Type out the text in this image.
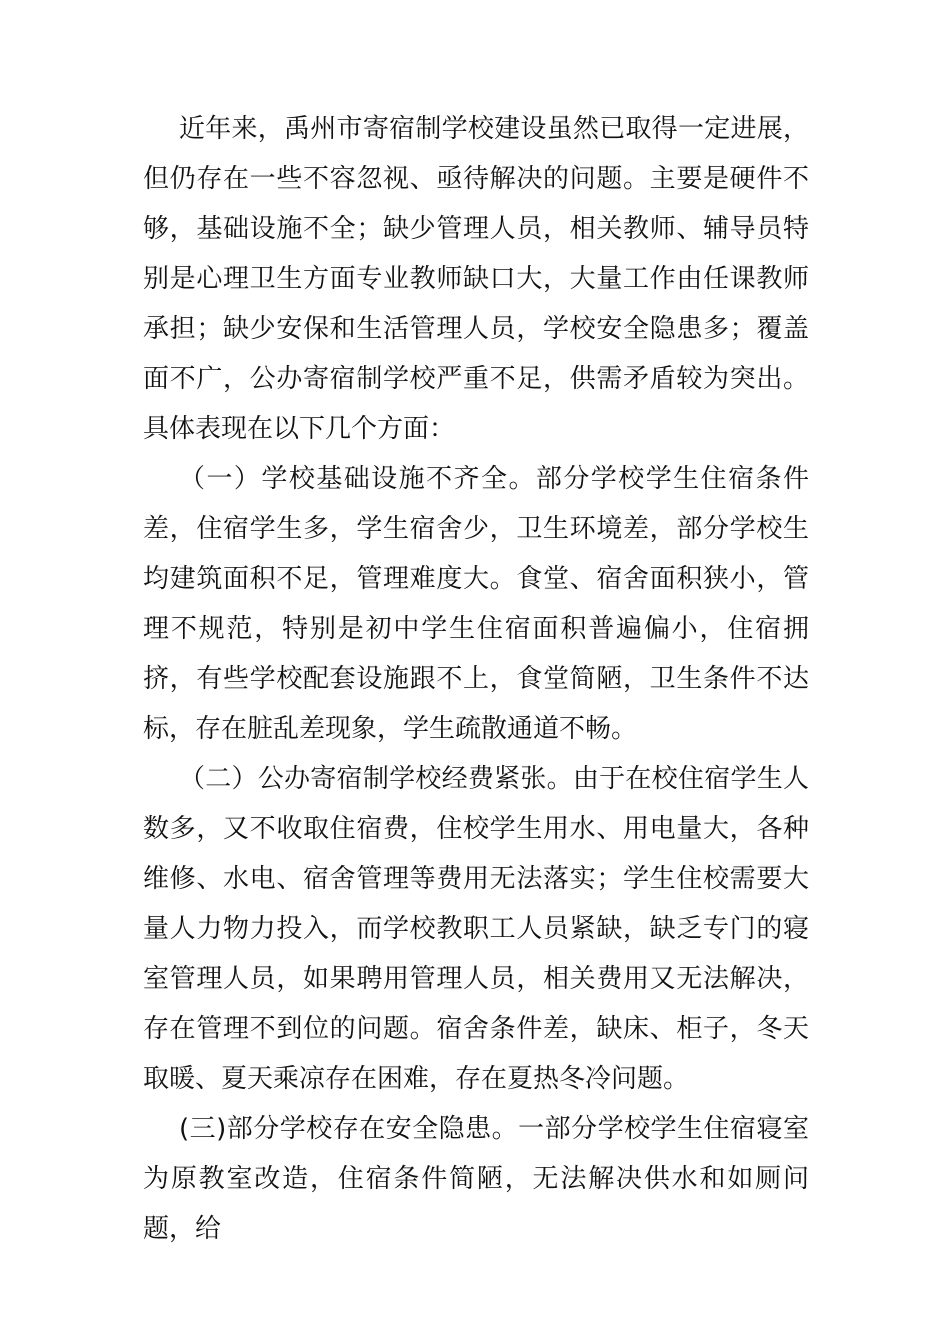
近年来，禹州市寄宿制学校建设虽然已取得一定进展，但仍存在一些不容忽视、亟待解决的问题。主要是硬件不够，基础设施不全；缺少管理人员，相关教师、辅导员特别是心理卫生方面专业教师缺口大，大量工作由任课教师承担；缺少安保和生活管理人员，学校安全隐患多；覆盖面不广，公办寄宿制学校严重不足，供需矛盾较为突出。具体表现在以下几个方面：

（一）学校基础设施不齐全。部分学校学生住宿条件差，住宿学生多，学生宿舍少，卫生环境差，部分学校生均建筑面积不足，管理难度大。食堂、宿舍面积狭小，管理不规范，特别是初中学生住宿面积普遍偏小，住宿拥挤，有些学校配套设施跟不上，食堂简陋，卫生条件不达标，存在脏乱差现象，学生疏散通道不畅。

（二）公办寄宿制学校经费紧张。由于在校住宿学生人数多，又不收取住宿费，住校学生用水、用电量大，各种维修、水电、宿舍管理等费用无法落实；学生住校需要大量人力物力投入，而学校教职工人员紧缺，缺乏专门的寝室管理人员，如果聘用管理人员，相关费用又无法解决，存在管理不到位的问题。宿舍条件差，缺床、柜子，冬天取暖、夏天乘凉存在困难，存在夏热冬冷问题。

(三)部分学校存在安全隐患。一部分学校学生住宿寝室为原教室改造，住宿条件简陋，无法解决供水和如厕问题，给
